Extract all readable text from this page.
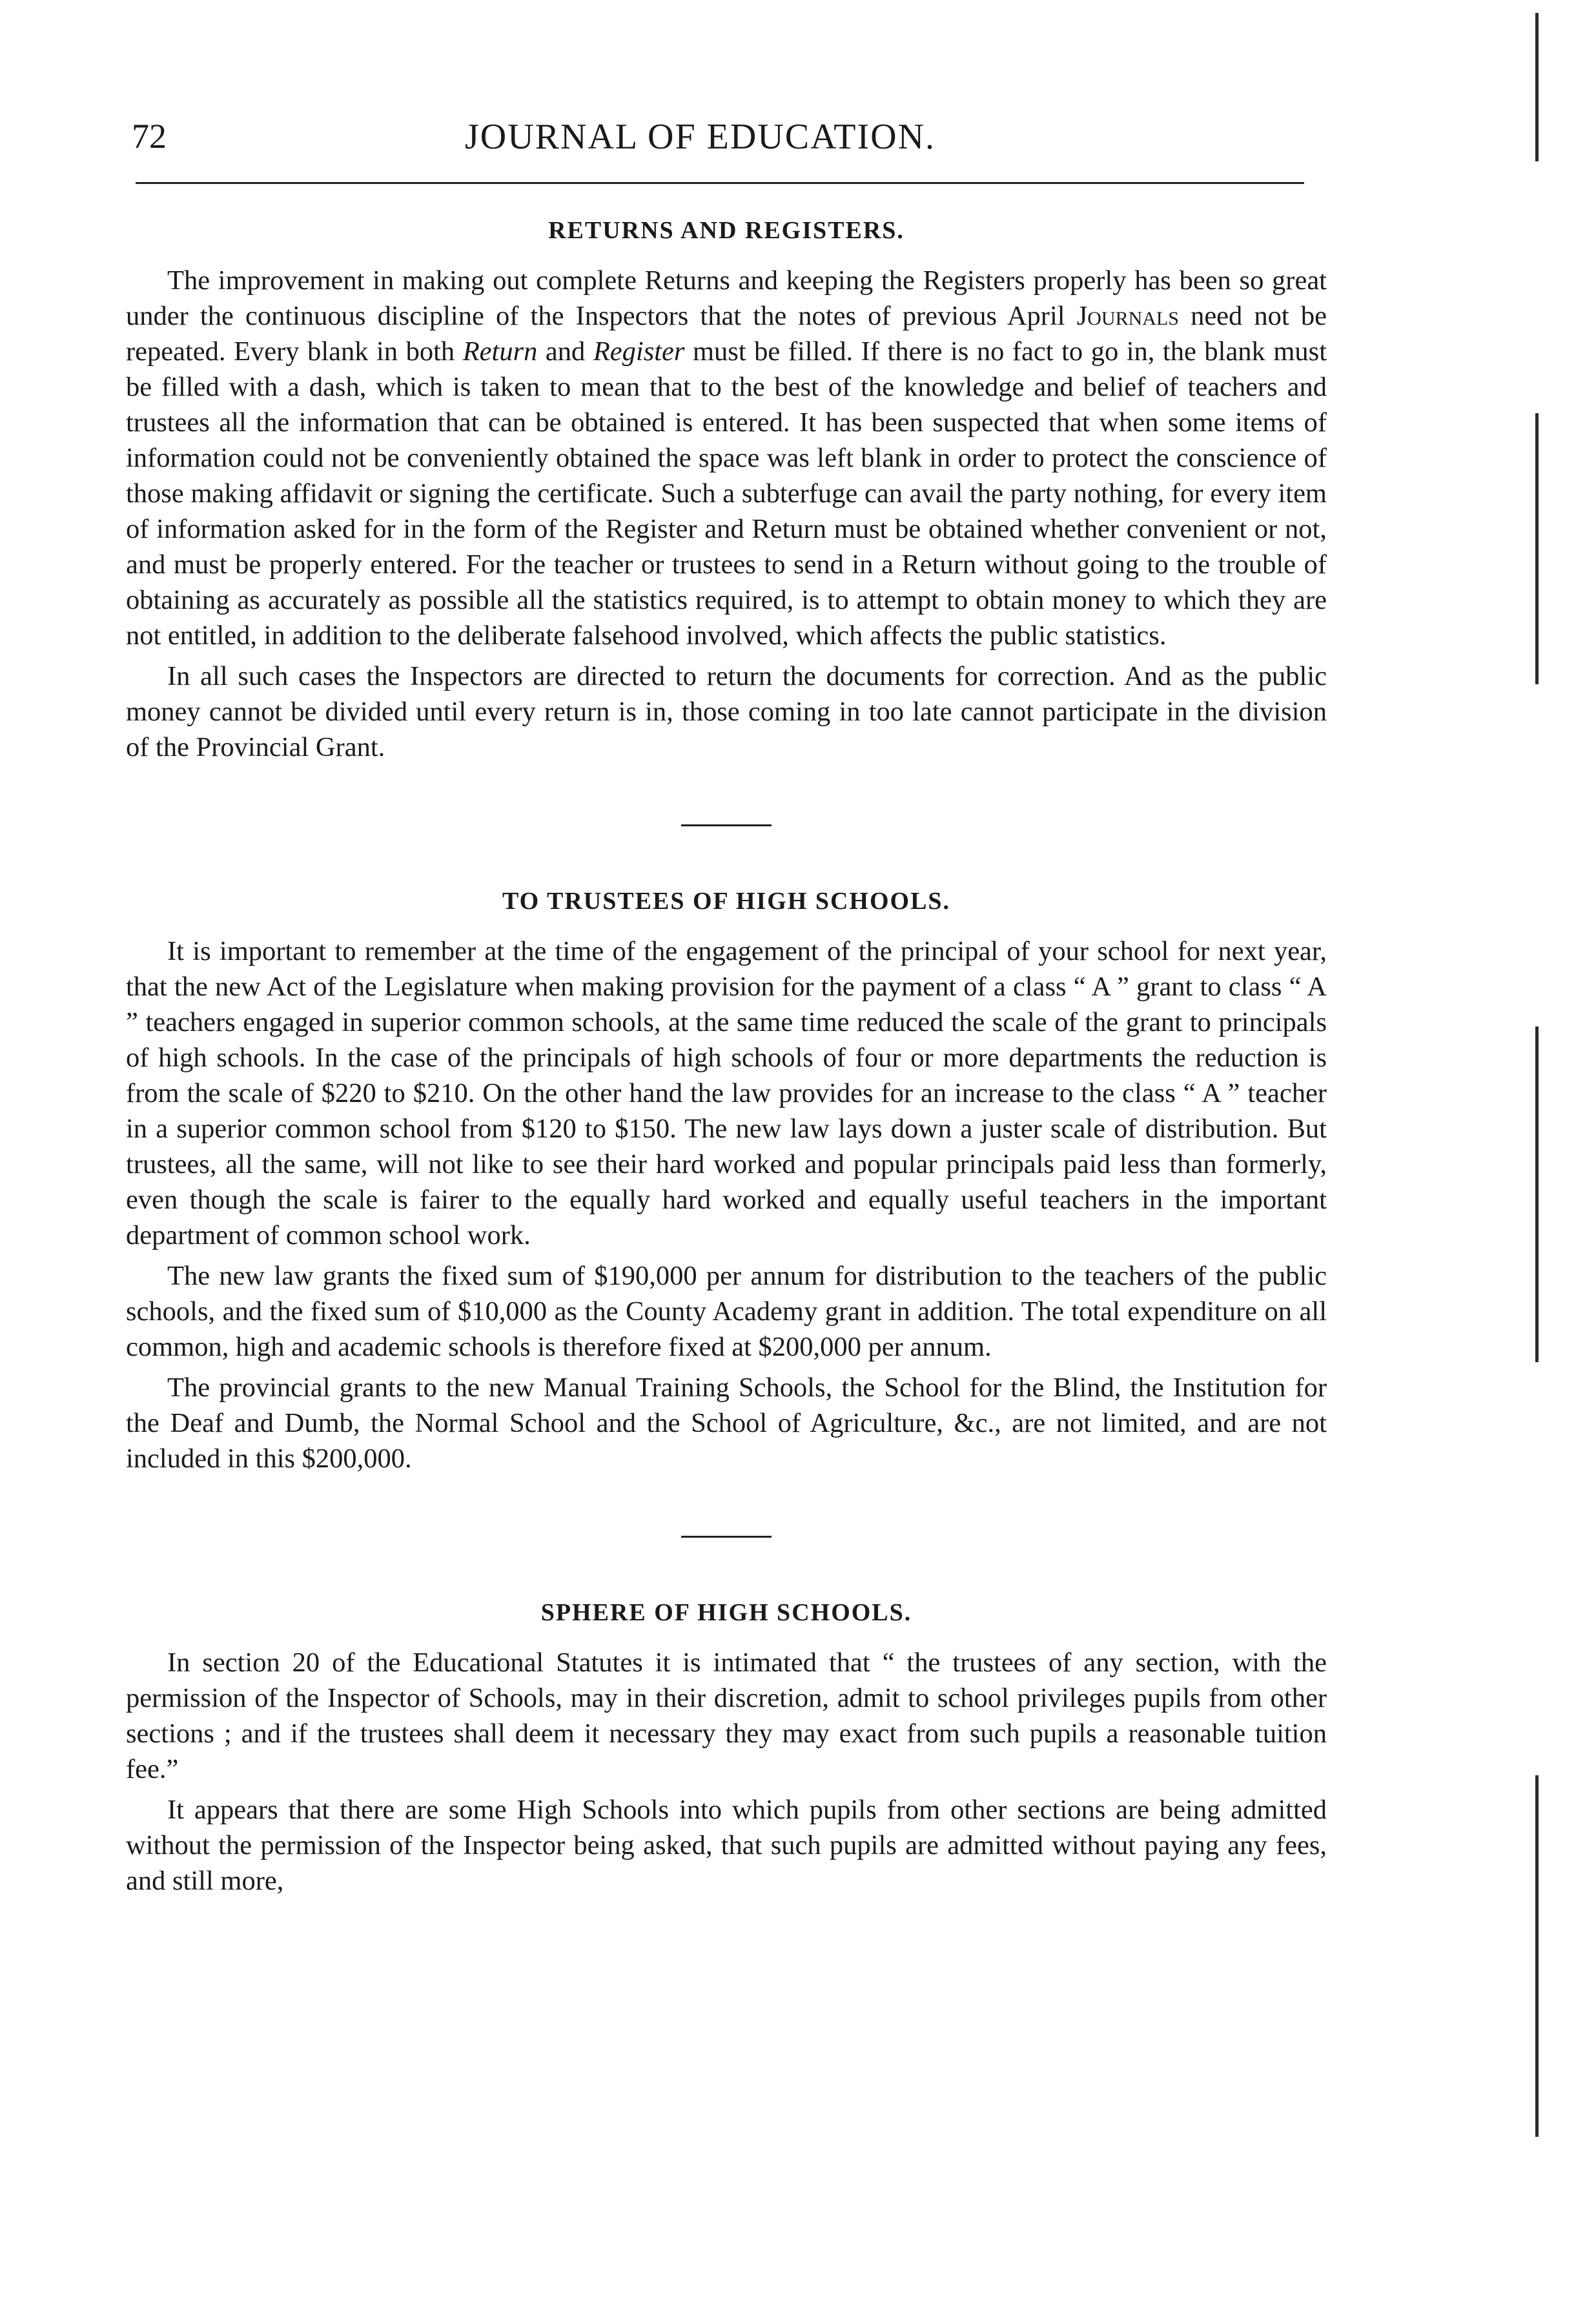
72	JOURNAL OF EDUCATION.
RETURNS AND REGISTERS.

The improvement in making out complete Returns and keeping the Registers properly has been so great under the continuous discipline of the Inspectors that the notes of previous April Journals need not be repeated. Every blank in both Return and Register must be filled. If there is no fact to go in, the blank must be filled with a dash, which is taken to mean that to the best of the knowledge and belief of teachers and trustees all the information that can be obtained is entered. It has been suspected that when some items of information could not be conveniently obtained the space was left blank in order to protect the conscience of those making affidavit or signing the certificate. Such a subterfuge can avail the party nothing, for every item of information asked for in the form of the Register and Return must be obtained whether convenient or not, and must be properly entered. For the teacher or trustees to send in a Return without going to the trouble of obtaining as accurately as possible all the statistics required, is to attempt to obtain money to which they are not entitled, in addition to the deliberate falsehood involved, which affects the public statistics.

In all such cases the Inspectors are directed to return the documents for correction. And as the public money cannot be divided until every return is in, those coming in too late cannot participate in the division of the Provincial Grant.

TO TRUSTEES OF HIGH SCHOOLS.

It is important to remember at the time of the engagement of the principal of your school for next year, that the new Act of the Legislature when making provision for the payment of a class “ A ” grant to class “ A ” teachers engaged in superior common schools, at the same time reduced the scale of the grant to principals of high schools. In the case of the principals of high schools of four or more departments the reduction is from the scale of $220 to $210. On the other hand the law provides for an increase to the class “ A ” teacher in a superior common school from $120 to $150. The new law lays down a juster scale of distribution. But trustees, all the same, will not like to see their hard worked and popular principals paid less than formerly, even though the scale is fairer to the equally hard worked and equally useful teachers in the important department of common school work.

The new law grants the fixed sum of $190,000 per annum for distribution to the teachers of the public schools, and the fixed sum of $10,000 as the County Academy grant in addition. The total expenditure on all common, high and academic schools is therefore fixed at $200,000 per annum.

The provincial grants to the new Manual Training Schools, the School for the Blind, the Institution for the Deaf and Dumb, the Normal School and the School of Agriculture, &c., are not limited, and are not included in this $200,000.

SPHERE OF HIGH SCHOOLS.

In section 20 of the Educational Statutes it is intimated that “ the trustees of any section, with the permission of the Inspector of Schools, may in their discretion, admit to school privileges pupils from other sections ; and if the trustees shall deem it necessary they may exact from such pupils a reasonable tuition fee.”

It appears that there are some High Schools into which pupils from other sections are being admitted without the permission of the Inspector being asked, that such pupils are admitted without paying any fees, and still more,
